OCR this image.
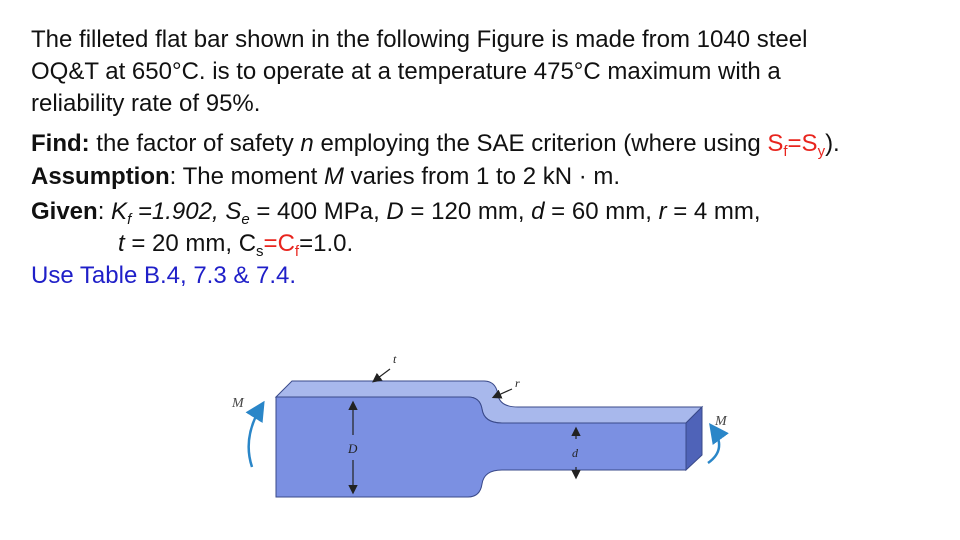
The filleted flat bar shown in the following Figure is made from 1040 steel
OQ&T at 650°C. is to operate at a temperature 475°C maximum with a
reliability rate of 95%.
Find: the factor of safety n employing the SAE criterion (where using $S_f=S_y$).
Assumption: The moment M varies from 1 to 2 kN · m.
Given: $K_f =1.902$, $S_e = 400$ MPa, D = 120 mm, d = 60 mm, r = 4 mm,
t = 20 mm, $C_s=C_f=1.0$.
Use Table B.4, 7.3 & 7.4.
D	d
t
r
M
M
